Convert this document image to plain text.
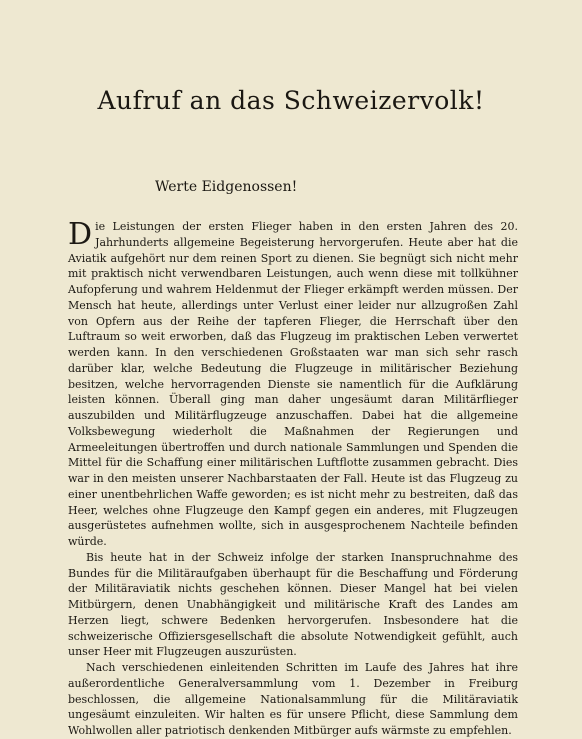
Aufruf an das Schweizervolk!
Werte Eidgenossen!

Die Leistungen der ersten Flieger haben in den ersten Jahren des 20. Jahrhunderts allgemeine Begeisterung hervorgerufen. Heute aber hat die Aviatik aufgehört nur dem reinen Sport zu dienen. Sie begnügt sich nicht mehr mit praktisch nicht verwendbaren Leistungen, auch wenn diese mit tollkühner Aufopferung und wahrem Heldenmut der Flieger erkämpft werden müssen. Der Mensch hat heute, allerdings unter Verlust einer leider nur allzugroßen Zahl von Opfern aus der Reihe der tapferen Flieger, die Herrschaft über den Luftraum so weit erworben, daß das Flugzeug im praktischen Leben verwertet werden kann. In den verschiedenen Großstaaten war man sich sehr rasch darüber klar, welche Bedeutung die Flugzeuge in militärischer Beziehung besitzen, welche hervorragenden Dienste sie namentlich für die Aufklärung leisten können. Überall ging man daher ungesäumt daran Militärflieger auszubilden und Militärflugzeuge anzuschaffen. Dabei hat die allgemeine Volksbewegung wiederholt die Maßnahmen der Regierungen und Armeeleitungen übertroffen und durch nationale Sammlungen und Spenden die Mittel für die Schaffung einer militärischen Luftflotte zusammen gebracht. Dies war in den meisten unserer Nachbarstaaten der Fall. Heute ist das Flugzeug zu einer unentbehrlichen Waffe geworden; es ist nicht mehr zu bestreiten, daß das Heer, welches ohne Flugzeuge den Kampf gegen ein anderes, mit Flugzeugen ausgerüstetes aufnehmen wollte, sich in ausgesprochenem Nachteile befinden würde.

Bis heute hat in der Schweiz infolge der starken Inanspruchnahme des Bundes für die Militäraufgaben überhaupt für die Beschaffung und Förderung der Militäraviatik nichts geschehen können. Dieser Mangel hat bei vielen Mitbürgern, denen Unabhängigkeit und militärische Kraft des Landes am Herzen liegt, schwere Bedenken hervorgerufen. Insbesondere hat die schweizerische Offiziersgesellschaft die absolute Notwendigkeit gefühlt, auch unser Heer mit Flugzeugen auszurüsten.

Nach verschiedenen einleitenden Schritten im Laufe des Jahres hat ihre außerordentliche Generalversammlung vom 1. Dezember in Freiburg beschlossen, die allgemeine Nationalsammlung für die Militäraviatik ungesäumt einzuleiten. Wir halten es für unsere Pflicht, diese Sammlung dem Wohlwollen aller patriotisch denkenden Mitbürger aufs wärmste zu empfehlen.
